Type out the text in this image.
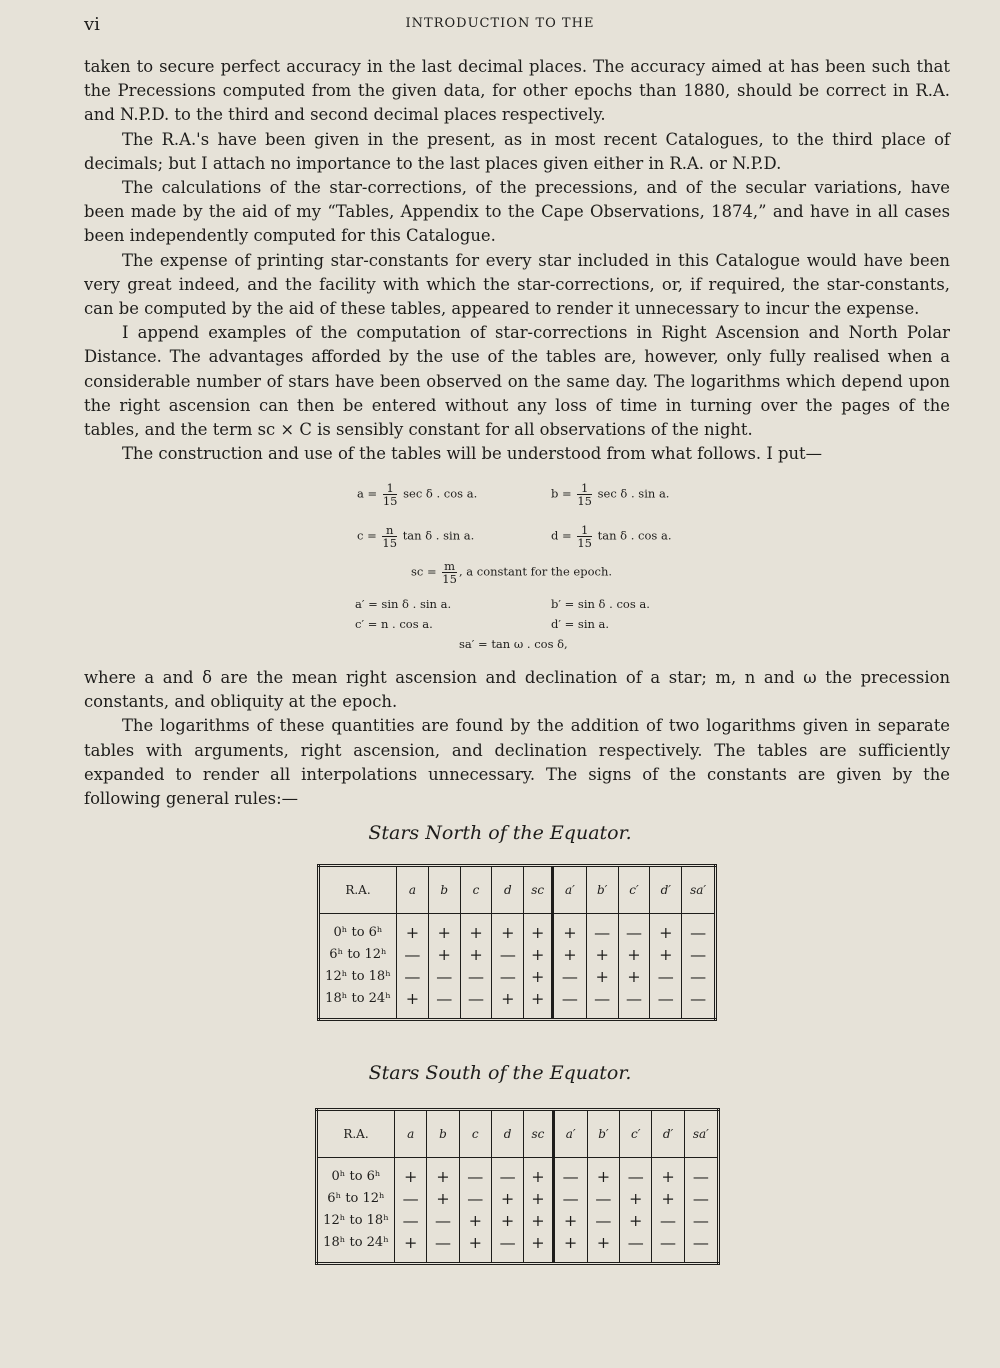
vi	INTRODUCTION TO THE

taken to secure perfect accuracy in the last decimal places. The accuracy aimed at has been such that the Precessions computed from the given data, for other epochs than 1880, should be correct in R.A. and N.P.D. to the third and second decimal places respectively.

The R.A.'s have been given in the present, as in most recent Catalogues, to the third place of decimals; but I attach no importance to the last places given either in R.A. or N.P.D.

The calculations of the star-corrections, of the precessions, and of the secular variations, have been made by the aid of my “Tables, Appendix to the Cape Observations, 1874,” and have in all cases been independently computed for this Catalogue.

The expense of printing star-constants for every star included in this Catalogue would have been very great indeed, and the facility with which the star-corrections, or, if required, the star-constants, can be computed by the aid of these tables, appeared to render it unnecessary to incur the expense.

I append examples of the computation of star-corrections in Right Ascension and North Polar Distance. The advantages afforded by the use of the tables are, however, only fully realised when a considerable number of stars have been observed on the same day. The logarithms which depend upon the right ascension can then be entered without any loss of time in turning over the pages of the tables, and the term sc × C is sensibly constant for all observations of the night.

The construction and use of the tables will be understood from what follows. I put—

$a = \frac{1}{15}$ sec δ . cos a.	$b = \frac{1}{15}$ sec δ . sin a.
$c = \frac{n}{15}$ tan δ . sin a.	$d = \frac{1}{15}$ tan δ . cos a.
sc = $\frac{m}{15}$ , a constant for the epoch.
a′ = sin δ . sin a.	b′ = sin δ . cos a.
c′ = n . cos a.	d′ = sin a.
sa′ = tan ω . cos δ,

where a and δ are the mean right ascension and declination of a star; m, n and ω the precession constants, and obliquity at the epoch.

The logarithms of these quantities are found by the addition of two logarithms given in separate tables with arguments, right ascension, and declination respectively. The tables are sufficiently expanded to render all interpolations unnecessary. The signs of the constants are given by the following general rules:—

Stars North of the Equator.
R.A.	a	b	c	d	sc	a′	b′	c′	d′	sa′
0ʰ to 6ʰ	+	+	+	+	+	+	—	—	+	—
6ʰ to 12ʰ	—	+	+	—	+	+	+	+	+	—
12ʰ to 18ʰ	—	—	—	—	+	—	+	+	—	—
18ʰ to 24ʰ	+	—	—	+	+	—	—	—	—	—
Stars South of the Equator.
R.A.	a	b	c	d	sc	a′	b′	c′	d′	sa′
0ʰ to 6ʰ	+	+	—	—	+	—	+	—	+	—
6ʰ to 12ʰ	—	+	—	+	+	—	—	+	+	—
12ʰ to 18ʰ	—	—	+	+	+	+	—	+	—	—
18ʰ to 24ʰ	+	—	+	—	+	+	+	—	—	—
